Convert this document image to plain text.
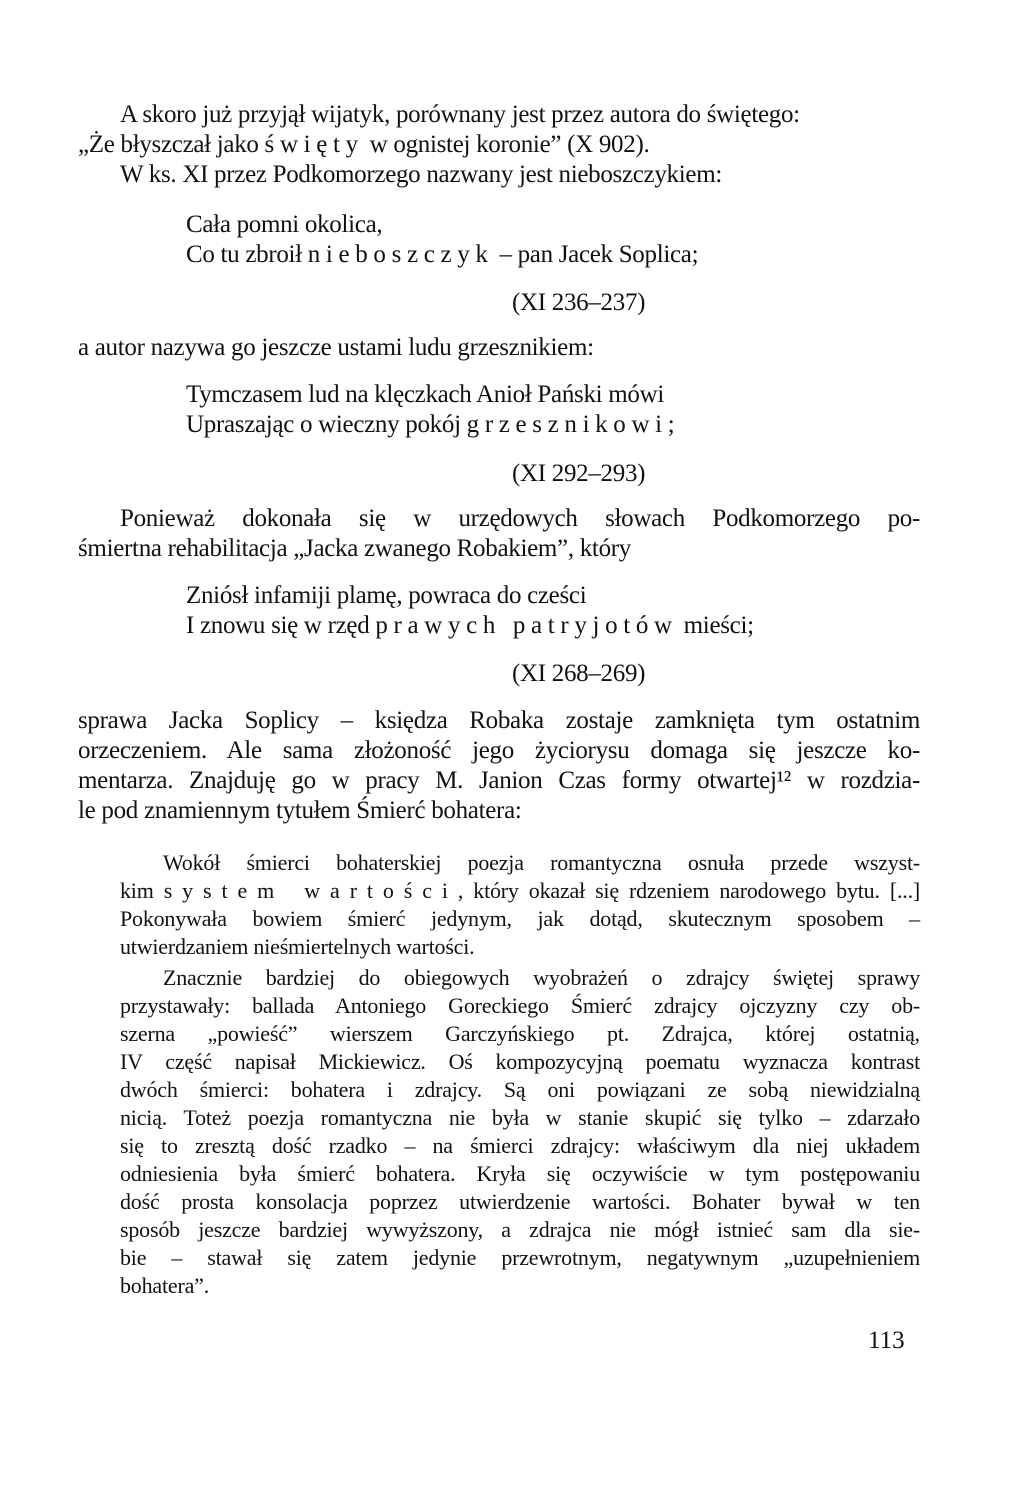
A skoro już przyjął wijatyk, porównany jest przez autora do świętego:
„Że błyszczał jako ś w i ę t y  w ognistej koronie” (X 902).
W ks. XI przez Podkomorzego nazwany jest nieboszczykiem:
Cała pomni okolica,
Co tu zbroił n i e b o s z c z y k  – pan Jacek Soplica;
(XI 236–237)
a autor nazywa go jeszcze ustami ludu grzesznikiem:
Tymczasem lud na klęczkach Anioł Pański mówi
Upraszając o wieczny pokój g r z e s z n i k o w i ;
(XI 292–293)
Ponieważ dokonała się w urzędowych słowach Podkomorzego po-
śmiertna rehabilitacja „Jacka zwanego Robakiem”, który
Zniósł infamiji plamę, powraca do cześci
I znowu się w rzęd p r a w y c h   p a t r y j o t ó w  mieści;
(XI 268–269)
sprawa Jacka Soplicy – księdza Robaka zostaje zamknięta tym ostatnim
orzeczeniem. Ale sama złożoność jego życiorysu domaga się jeszcze ko-
mentarza. Znajduję go w pracy M. Janion Czas formy otwartej¹² w rozdzia-
le pod znamiennym tytułem Śmierć bohatera:
Wokół śmierci bohaterskiej poezja romantyczna osnuła przede wszyst-
kim s y s t e m   w a r t o ś c i , który okazał się rdzeniem narodowego bytu. [...]
Pokonywała bowiem śmierć jedynym, jak dotąd, skutecznym sposobem –
utwierdzaniem nieśmiertelnych wartości.
Znacznie bardziej do obiegowych wyobrażeń o zdrajcy świętej sprawy
przystawały: ballada Antoniego Goreckiego Śmierć zdrajcy ojczyzny czy ob-
szerna „powieść” wierszem Garczyńskiego pt. Zdrajca, której ostatnią,
IV część napisał Mickiewicz. Oś kompozycyjną poematu wyznacza kontrast
dwóch śmierci: bohatera i zdrajcy. Są oni powiązani ze sobą niewidzialną
nicią. Toteż poezja romantyczna nie była w stanie skupić się tylko – zdarzało
się to zresztą dość rzadko – na śmierci zdrajcy: właściwym dla niej układem
odniesienia była śmierć bohatera. Kryła się oczywiście w tym postępowaniu
dość prosta konsolacja poprzez utwierdzenie wartości. Bohater bywał w ten
sposób jeszcze bardziej wywyższony, a zdrajca nie mógł istnieć sam dla sie-
bie – stawał się zatem jedynie przewrotnym, negatywnym „uzupełnieniem
bohatera”.
113
